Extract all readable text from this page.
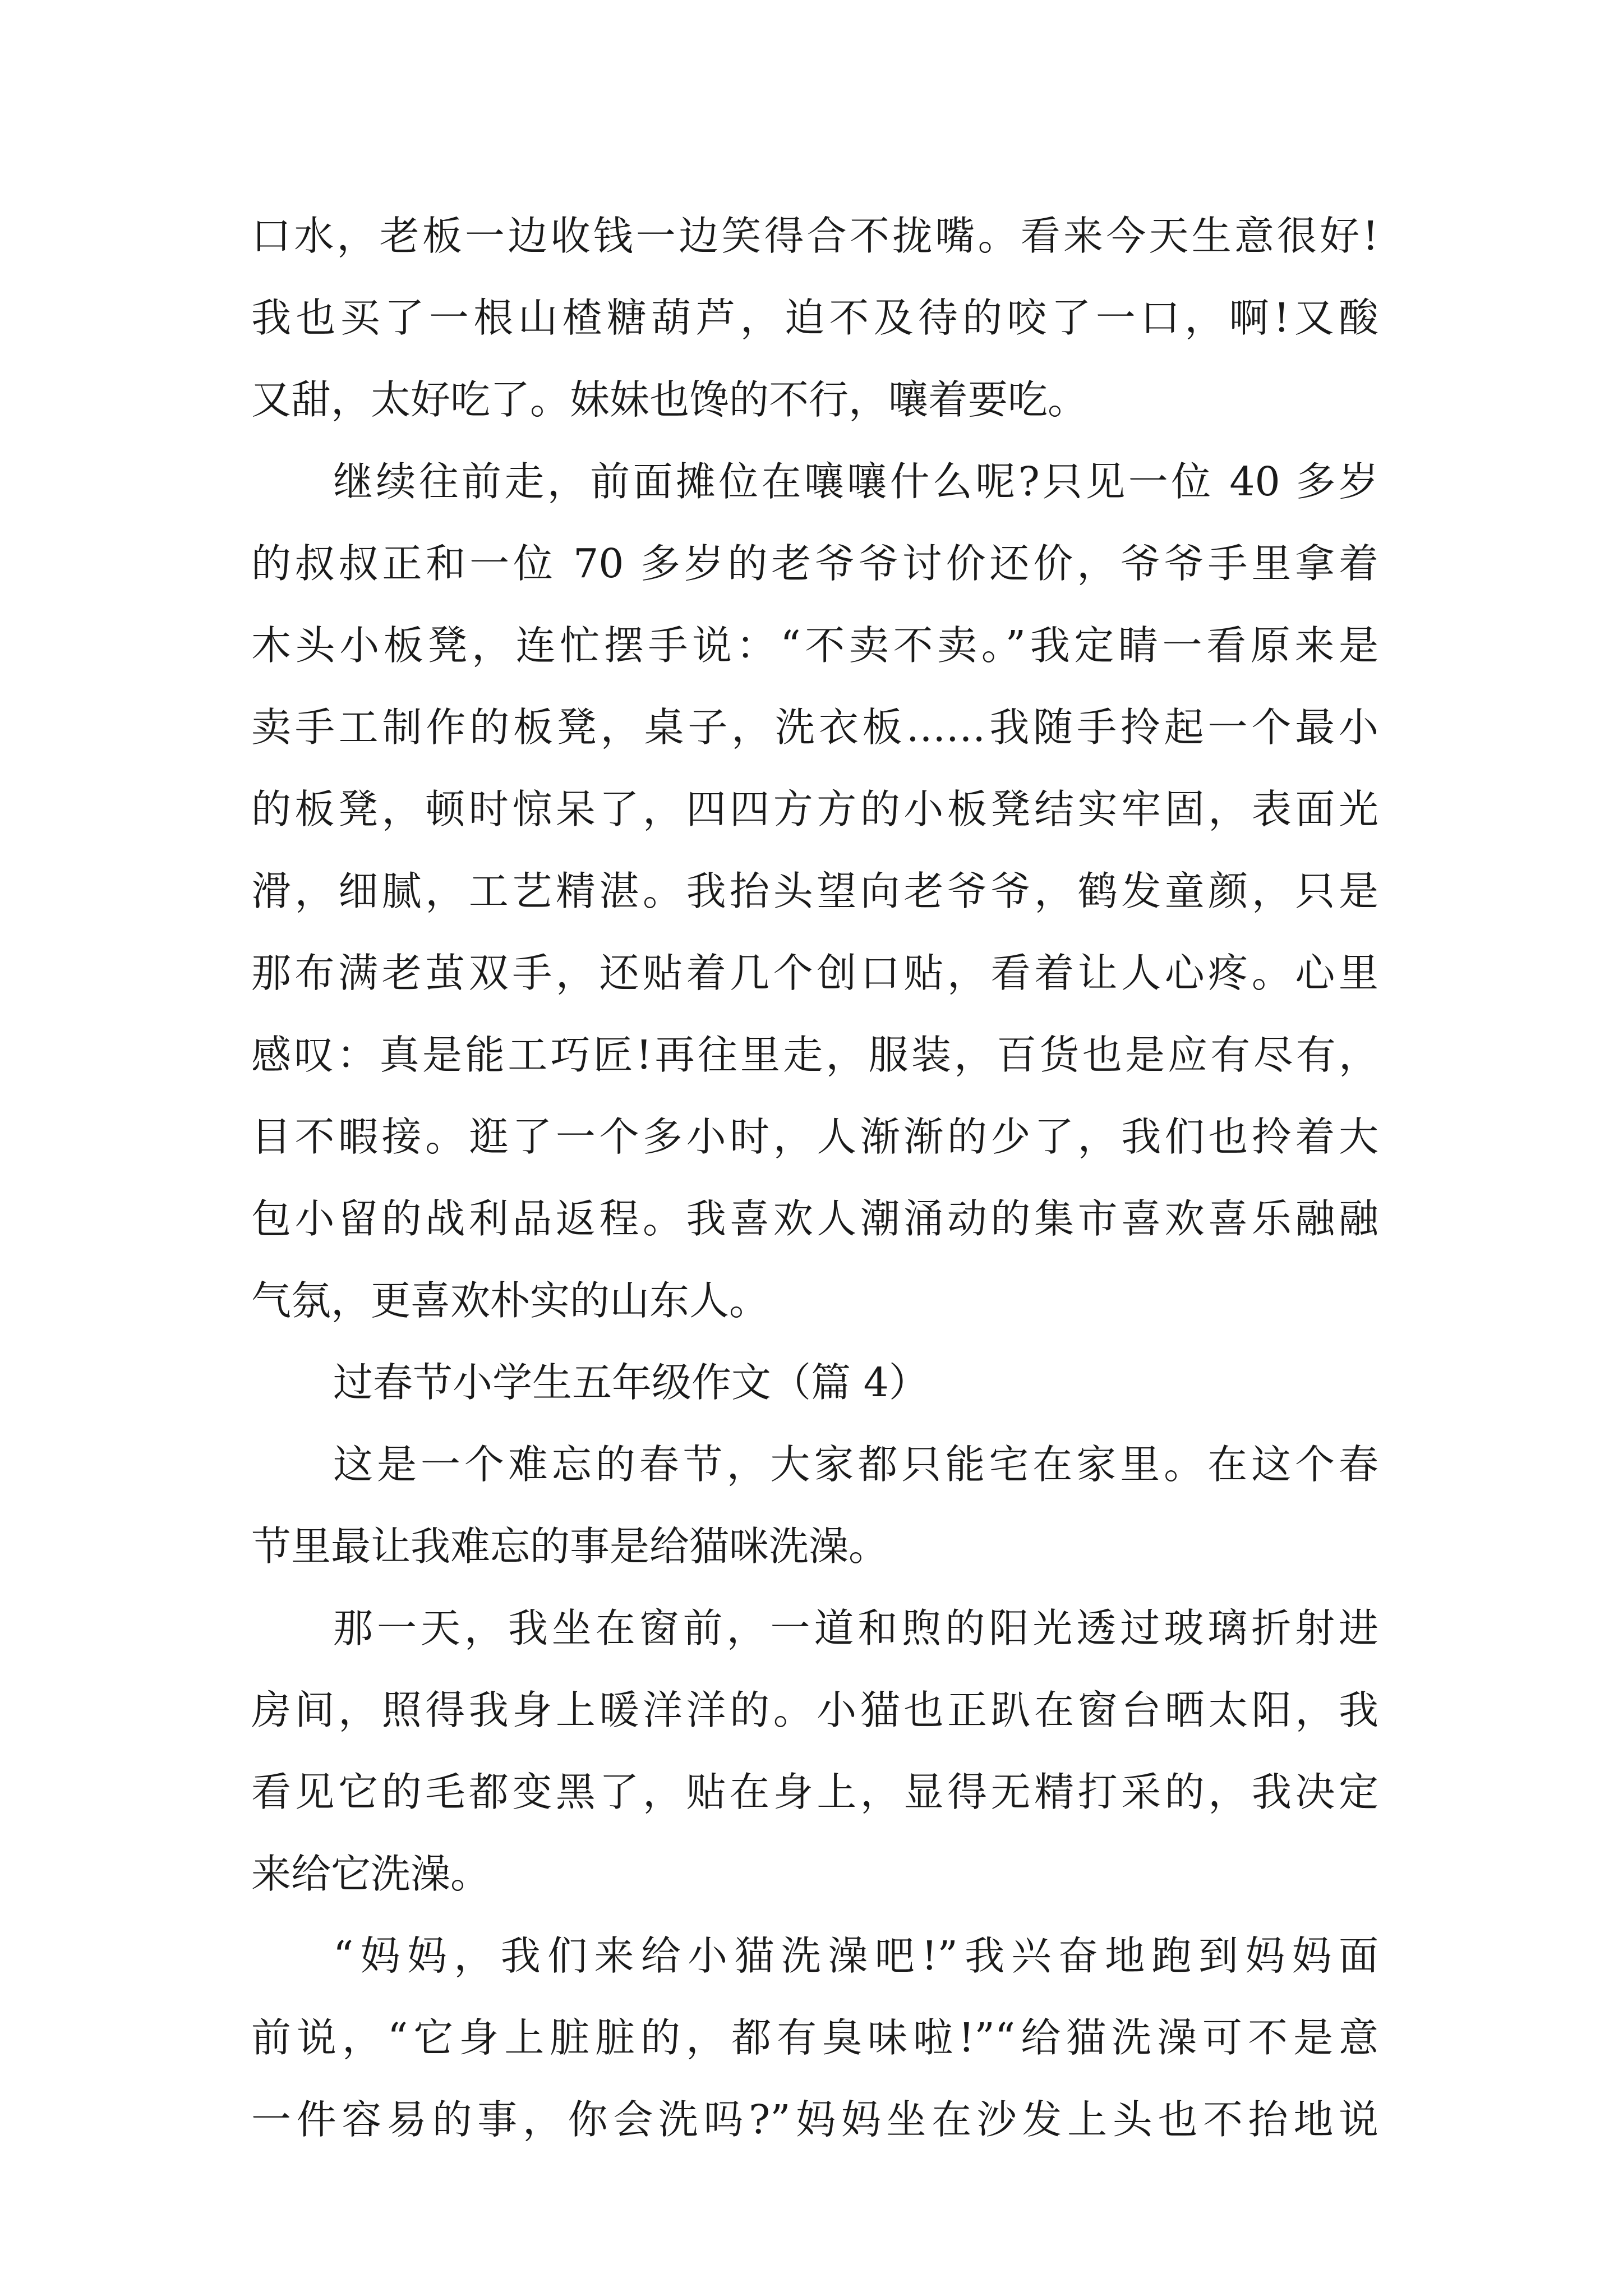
口水，老板一边收钱一边笑得合不拢嘴。看来今天生意很好!
我也买了一根山楂糖葫芦，迫不及待的咬了一口，啊!又酸
又甜，太好吃了。妹妹也馋的不行，嚷着要吃。
继续往前走，前面摊位在嚷嚷什么呢?只见一位 40 多岁
的叔叔正和一位 70 多岁的老爷爷讨价还价，爷爷手里拿着
木头小板凳，连忙摆手说：“不卖不卖。”我定睛一看原来是
卖手工制作的板凳，桌子，洗衣板……我随手拎起一个最小
的板凳，顿时惊呆了，四四方方的小板凳结实牢固，表面光
滑，细腻，工艺精湛。我抬头望向老爷爷，鹤发童颜，只是
那布满老茧双手，还贴着几个创口贴，看着让人心疼。心里
感叹：真是能工巧匠!再往里走，服装，百货也是应有尽有，
目不暇接。逛了一个多小时，人渐渐的少了，我们也拎着大
包小留的战利品返程。我喜欢人潮涌动的集市喜欢喜乐融融
气氛，更喜欢朴实的山东人。
过春节小学生五年级作文（篇 4）
这是一个难忘的春节，大家都只能宅在家里。在这个春
节里最让我难忘的事是给猫咪洗澡。
那一天，我坐在窗前，一道和煦的阳光透过玻璃折射进
房间，照得我身上暖洋洋的。小猫也正趴在窗台晒太阳，我
看见它的毛都变黑了，贴在身上，显得无精打采的，我决定
来给它洗澡。
“妈妈，我们来给小猫洗澡吧!”我兴奋地跑到妈妈面
前说，“它身上脏脏的，都有臭味啦!”“给猫洗澡可不是意
一件容易的事，你会洗吗?”妈妈坐在沙发上头也不抬地说
